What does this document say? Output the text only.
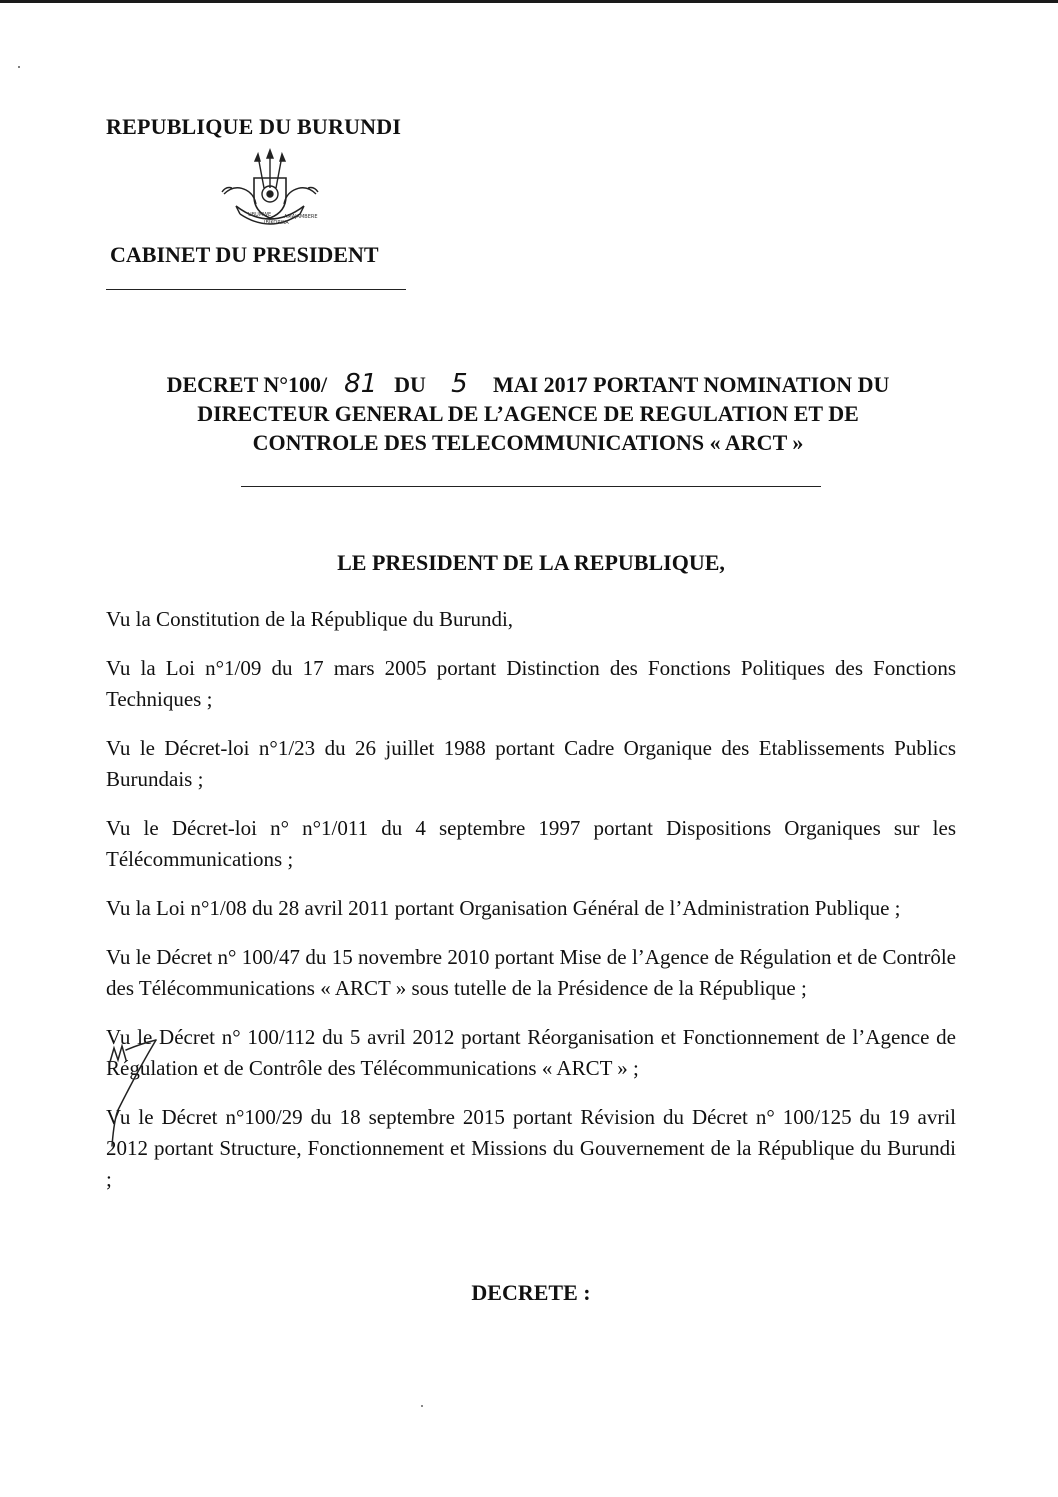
REPUBLIQUE DU BURUNDI
UBUMWE
IBIKORWA
AMAJAMBERE
CABINET DU PRESIDENT
DECRET N°100/ 81 DU 5 MAI 2017 PORTANT NOMINATION DU
DIRECTEUR GENERAL DE L’AGENCE DE REGULATION ET DE
CONTROLE DES TELECOMMUNICATIONS « ARCT »
LE PRESIDENT DE LA REPUBLIQUE,

Vu la Constitution de la République du Burundi,

Vu la Loi n°1/09 du 17 mars 2005 portant Distinction des Fonctions Politiques des Fonctions Techniques ;

Vu le Décret-loi n°1/23 du 26 juillet 1988 portant Cadre Organique des Etablissements Publics Burundais ;

Vu le Décret-loi n° n°1/011 du 4 septembre 1997 portant Dispositions Organiques sur les Télécommunications ;

Vu la Loi n°1/08 du 28 avril 2011 portant Organisation Général de l’Administration Publique ;

Vu le Décret n° 100/47 du 15 novembre 2010 portant Mise de l’Agence de Régulation et de Contrôle des Télécommunications « ARCT » sous tutelle de la Présidence de la République ;

Vu le Décret n° 100/112 du 5 avril 2012 portant Réorganisation et Fonctionnement de l’Agence de Régulation et de Contrôle des Télécommunications « ARCT » ;

Vu le Décret n°100/29 du 18 septembre 2015 portant Révision du Décret n° 100/125 du 19 avril 2012 portant Structure, Fonctionnement et Missions du Gouvernement de la République du Burundi ;

DECRETE :
